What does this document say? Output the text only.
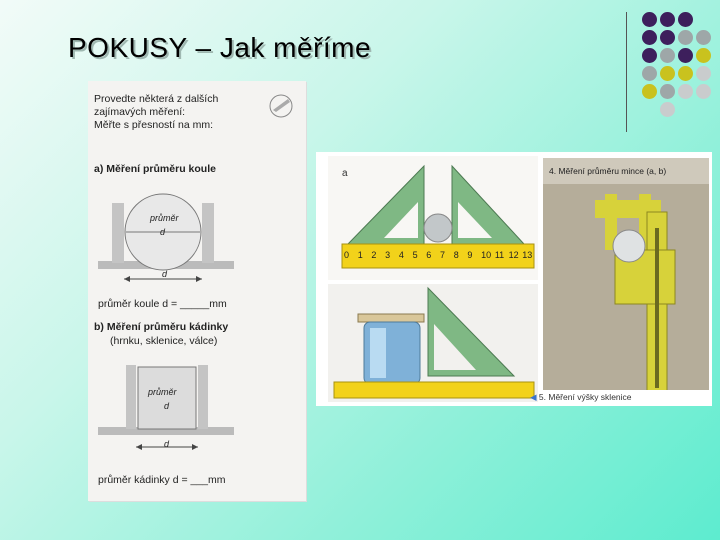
POKUSY – Jak měříme
Provedte některá z dalších
zajímavých měření:
Měřte s přesností na mm:
a) Měření průměru koule
průměr
d
d
průměr koule d = _____mm
b) Měření průměru kádinky
(hrnku, sklenice, válce)
průměr
d
d
průměr kádinky d = ___mm
a
0 1 2 3 4 5 6 7 8 9 10 11 12 13
4. Měření průměru mince (a, b)
◀ 5. Měření výšky sklenice
